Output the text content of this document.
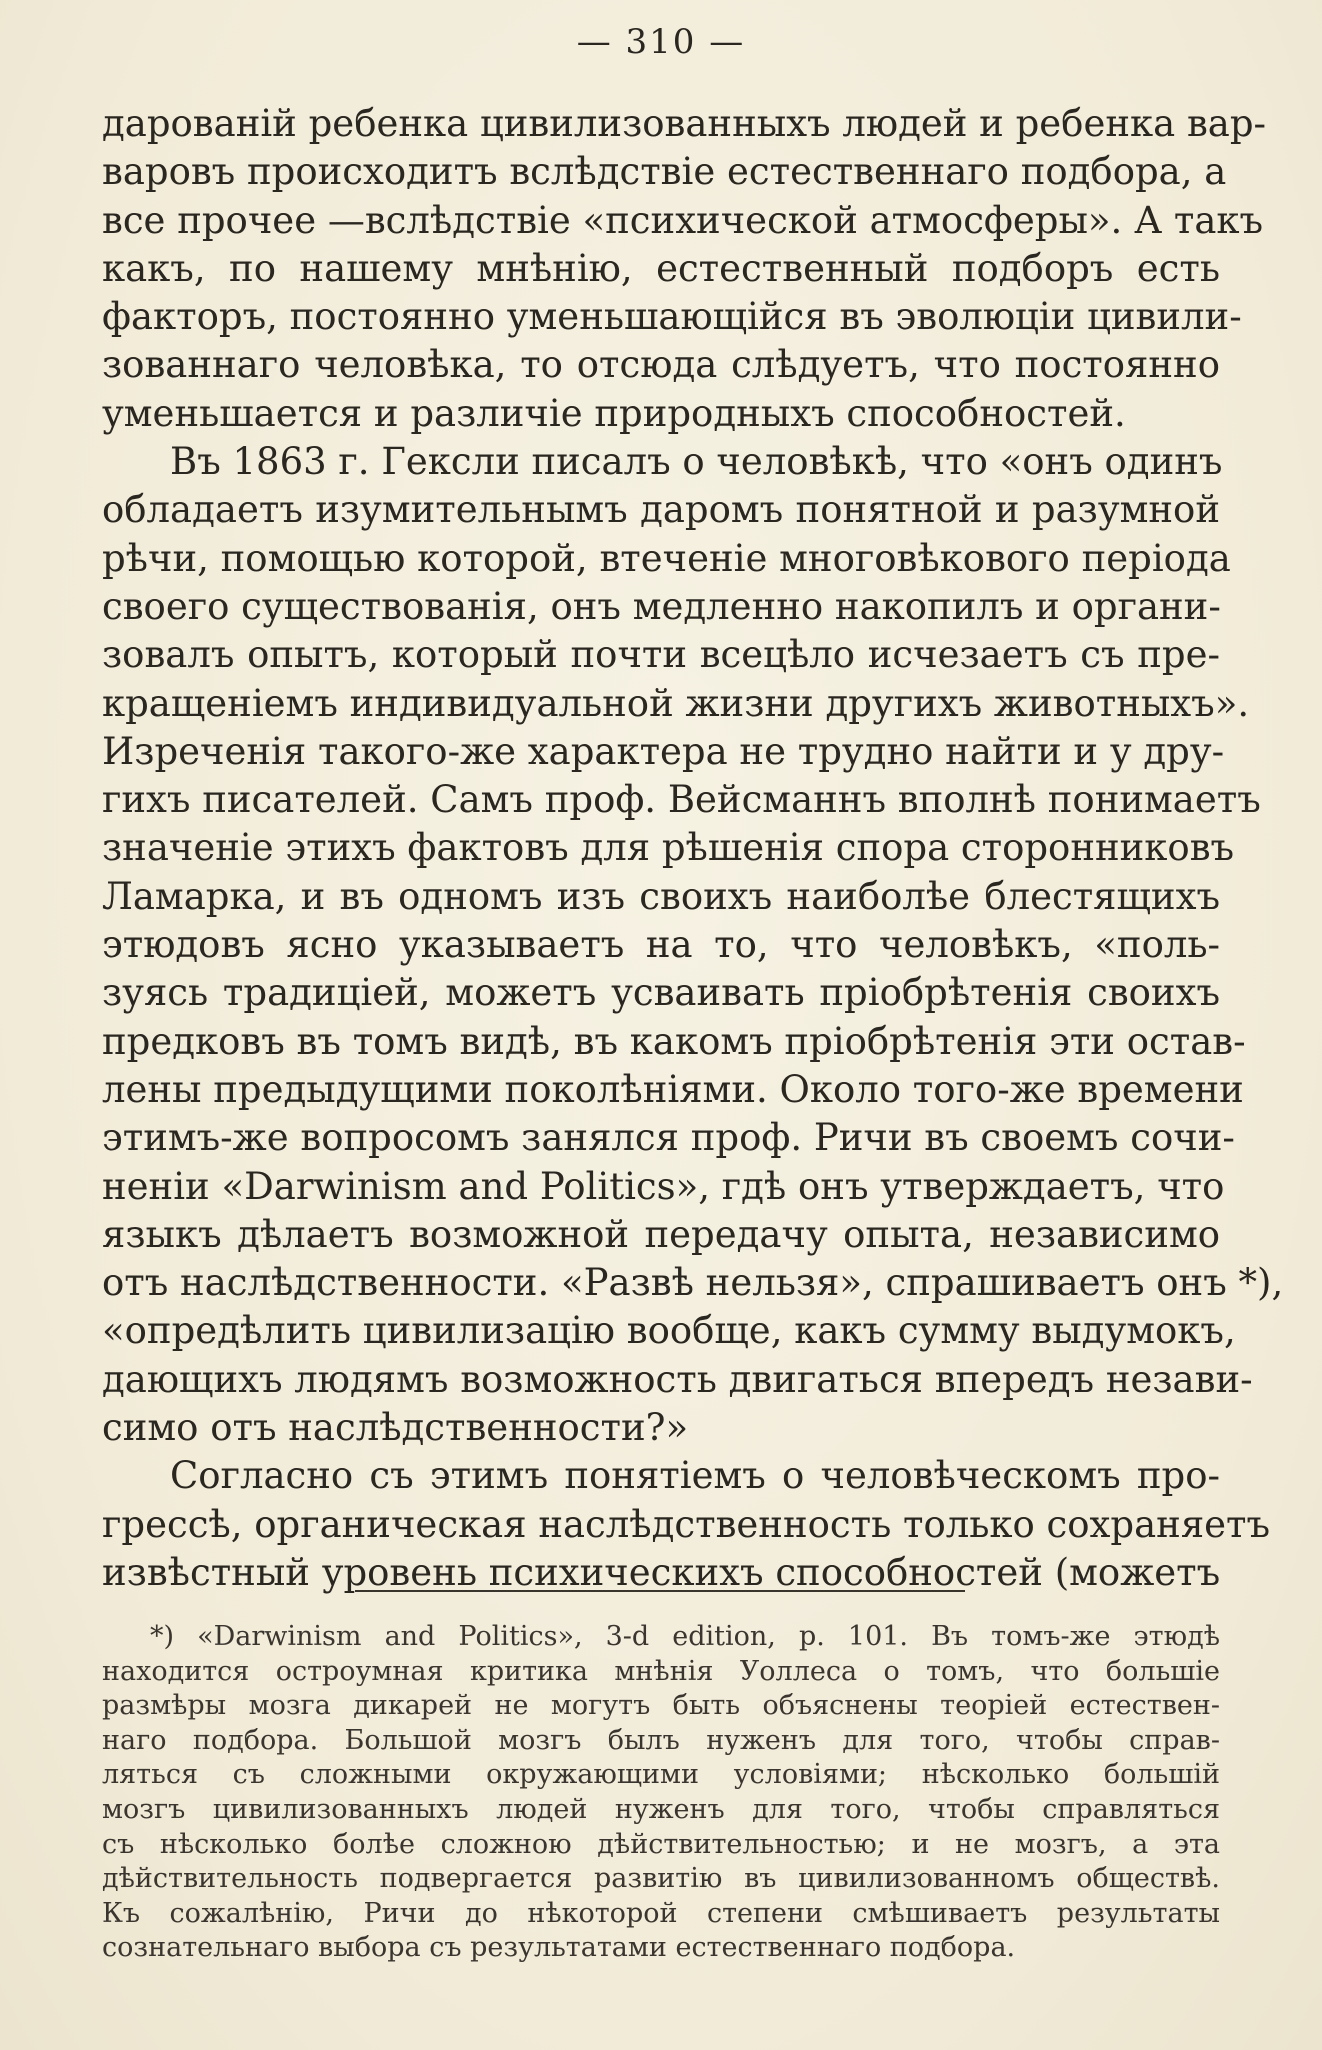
— 310 —
дарованій ребенка цивилизованныхъ людей и ребенка вар-
варовъ происходитъ вслѣдствіе естественнаго подбора, а
все прочее —вслѣдствіе «психической атмосферы». А такъ
какъ, по нашему мнѣнію, естественный подборъ есть
факторъ, постоянно уменьшающійся въ эволюціи цивили-
зованнаго человѣка, то отсюда слѣдуетъ, что постоянно
уменьшается и различіе природныхъ способностей.
Въ 1863 г. Гексли писалъ о человѣкѣ, что «онъ одинъ
обладаетъ изумительнымъ даромъ понятной и разумной
рѣчи, помощью которой, втеченіе многовѣкового періода
своего существованія, онъ медленно накопилъ и органи-
зовалъ опытъ, который почти всецѣло исчезаетъ съ пре-
кращеніемъ индивидуальной жизни другихъ животныхъ».
Изреченія такого-же характера не трудно найти и у дру-
гихъ писателей. Самъ проф. Вейсманнъ вполнѣ понимаетъ
значеніе этихъ фактовъ для рѣшенія спора сторонниковъ
Ламарка, и въ одномъ изъ своихъ наиболѣе блестящихъ
этюдовъ ясно указываетъ на то, что человѣкъ, «поль-
зуясь традиціей, можетъ усваивать пріобрѣтенія своихъ
предковъ въ томъ видѣ, въ какомъ пріобрѣтенія эти остав-
лены предыдущими поколѣніями. Около того-же времени
этимъ-же вопросомъ занялся проф. Ричи въ своемъ сочи-
неніи «Darwinism and Politics», гдѣ онъ утверждаетъ, что
языкъ дѣлаетъ возможной передачу опыта, независимо
отъ наслѣдственности. «Развѣ нельзя», спрашиваетъ онъ *),
«опредѣлить цивилизацію вообще, какъ сумму выдумокъ,
дающихъ людямъ возможность двигаться впередъ незави-
симо отъ наслѣдственности?»
Согласно съ этимъ понятіемъ о человѣческомъ про-
грессѣ, органическая наслѣдственность только сохраняетъ
извѣстный уровень психическихъ способностей (можетъ
*) «Darwinism and Politics», 3-d edition, p. 101. Въ томъ-же этюдѣ
находится остроумная критика мнѣнія Уоллеса о томъ, что большіе
размѣры мозга дикарей не могутъ быть объяснены теоріей естествен-
наго подбора. Большой мозгъ былъ нуженъ для того, чтобы справ-
ляться съ сложными окружающими условіями; нѣсколько большій
мозгъ цивилизованныхъ людей нуженъ для того, чтобы справляться
съ нѣсколько болѣе сложною дѣйствительностью; и не мозгъ, а эта
дѣйствительность подвергается развитію въ цивилизованномъ обществѣ.
Къ сожалѣнію, Ричи до нѣкоторой степени смѣшиваетъ результаты
сознательнаго выбора съ результатами естественнаго подбора.
